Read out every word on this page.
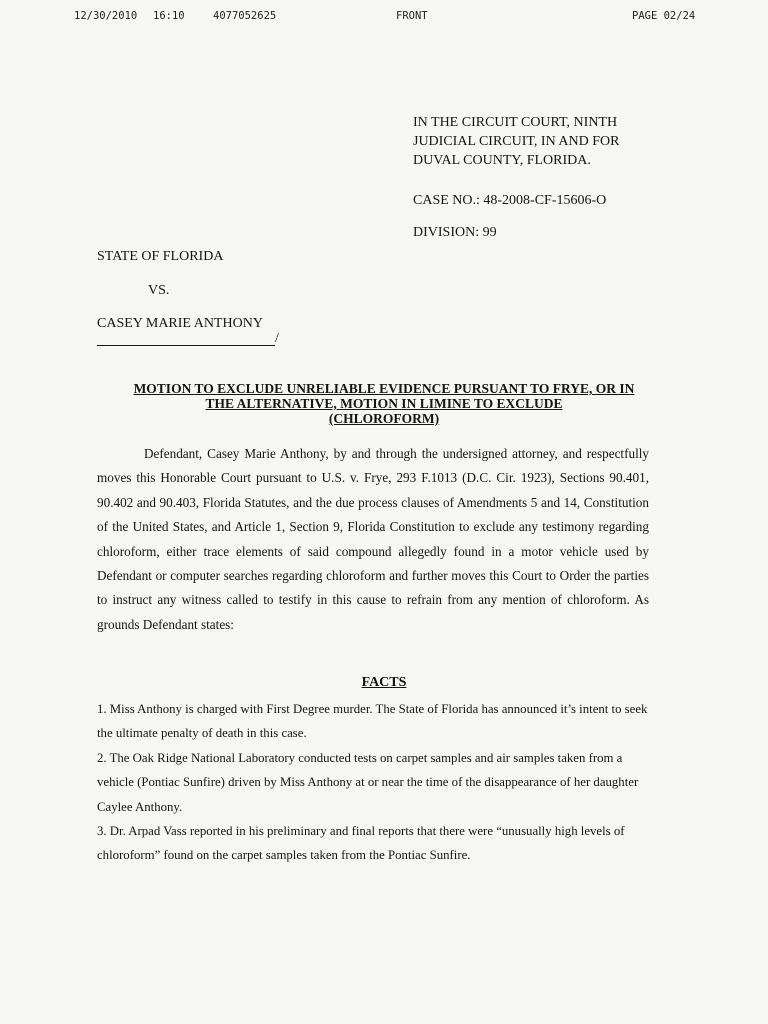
12/30/2010 16:10	4077052625	FRONT	PAGE 02/24

IN THE CIRCUIT COURT, NINTH

JUDICIAL CIRCUIT, IN AND FOR

DUVAL COUNTY, FLORIDA.

CASE NO.: 48-2008-CF-15606-O

DIVISION: 99

STATE OF FLORIDA

VS.

CASEY MARIE ANTHONY

/

MOTION TO EXCLUDE UNRELIABLE EVIDENCE PURSUANT TO FRYE, OR IN

THE ALTERNATIVE, MOTION IN LIMINE TO EXCLUDE

(CHLOROFORM)

Defendant, Casey Marie Anthony, by and through the undersigned attorney, and respectfully moves this Honorable Court pursuant to U.S. v. Frye, 293 F.1013 (D.C. Cir. 1923), Sections 90.401, 90.402 and 90.403, Florida Statutes, and the due process clauses of Amendments 5 and 14, Constitution of the United States, and Article 1, Section 9, Florida Constitution to exclude any testimony regarding chloroform, either trace elements of said compound allegedly found in a motor vehicle used by Defendant or computer searches regarding chloroform and further moves this Court to Order the parties to instruct any witness called to testify in this cause to refrain from any mention of chloroform. As grounds Defendant states:

FACTS

1. Miss Anthony is charged with First Degree murder. The State of Florida has announced it’s intent to seek the ultimate penalty of death in this case.

2. The Oak Ridge National Laboratory conducted tests on carpet samples and air samples taken from a vehicle (Pontiac Sunfire) driven by Miss Anthony at or near the time of the disappearance of her daughter Caylee Anthony.

3. Dr. Arpad Vass reported in his preliminary and final reports that there were “unusually high levels of chloroform” found on the carpet samples taken from the Pontiac Sunfire.
